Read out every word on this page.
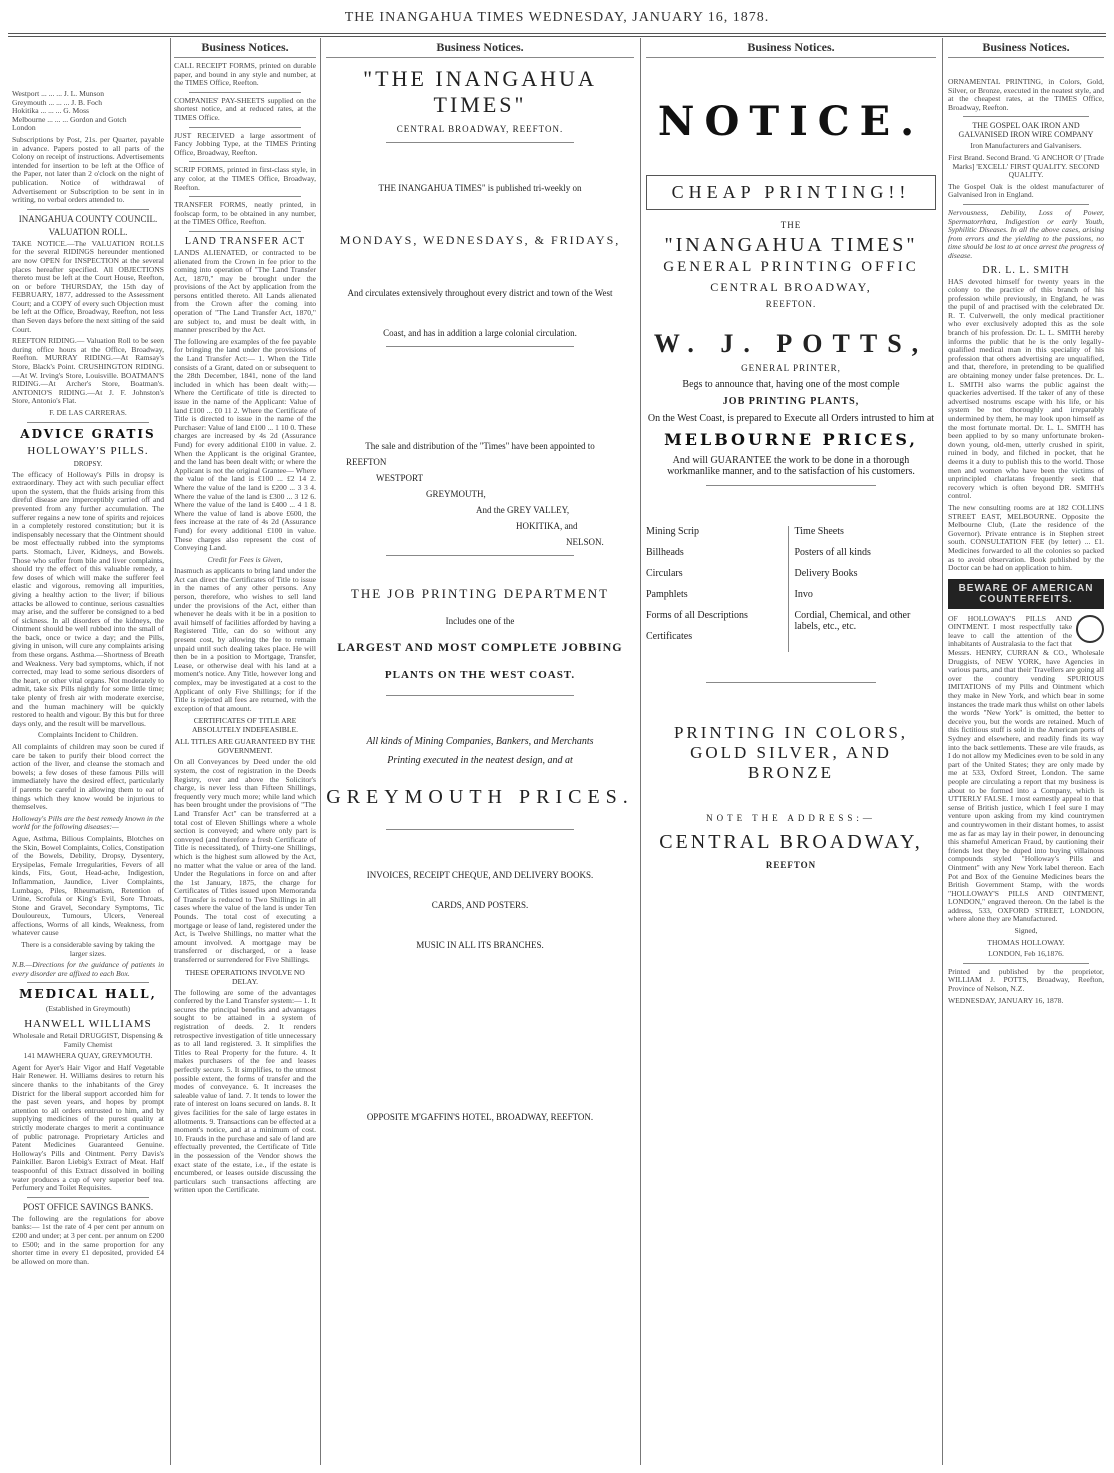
THE INANGAHUA TIMES WEDNESDAY, JANUARY 16, 1878.
Westport ... ... ... J. L. Munson
Greymouth ... ... ... J. B. Foch
Hokitika ... ... ... G. Moss
Melbourne ... ... ... Gordon and Gotch
London

Subscriptions by Post, 21s. per Quarter, payable in advance. Papers posted to all parts of the Colony on receipt of instructions. Advertisements intended for insertion to be left at the Office of the Paper, not later than 2 o'clock on the night of publication. Notice of withdrawal of Advertisement or Subscription to be sent in in writing, no verbal orders attended to.

INANGAHUA COUNTY COUNCIL.
VALUATION ROLL.

TAKE NOTICE.—The VALUATION ROLLS for the several RIDINGS hereunder mentioned are now OPEN for INSPECTION at the several places hereafter specified. All OBJECTIONS thereto must be left at the Court House, Reefton, on or before THURSDAY, the 15th day of FEBRUARY, 1877, addressed to the Assessment Court; and a COPY of every such Objection must be left at the Office, Broadway, Reefton, not less than Seven days before the next sitting of the said Court.

REEFTON RIDING.— Valuation Roll to be seen during office hours at the Office, Broadway, Reefton. MURRAY RIDING.—At Ramsay's Store, Black's Point. CRUSHINGTON RIDING.—At W. Irving's Store, Louisville. BOATMAN'S RIDING.—At Archer's Store, Boatman's. ANTONIO'S RIDING.—At J. F. Johnston's Store, Antonio's Flat.

F. DE LAS CARRERAS.

ADVICE GRATIS
HOLLOWAY'S PILLS.
DROPSY.

The efficacy of Holloway's Pills in dropsy is extraordinary. They act with such peculiar effect upon the system, that the fluids arising from this direful disease are imperceptibly carried off and prevented from any further accumulation. The sufferer regains a new tone of spirits and rejoices in a completely restored constitution; but it is indispensably necessary that the Ointment should be most effectually rubbed into the symptoms parts. Stomach, Liver, Kidneys, and Bowels. Those who suffer from bile and liver complaints, should try the effect of this valuable remedy, a few doses of which will make the sufferer feel elastic and vigorous, removing all impurities, giving a healthy action to the liver; if bilious attacks be allowed to continue, serious casualties may arise, and the sufferer be consigned to a bed of sickness. In all disorders of the kidneys, the Ointment should be well rubbed into the small of the back, once or twice a day; and the Pills, giving in unison, will cure any complaints arising from these organs. Asthma.—Shortness of Breath and Weakness. Very bad symptoms, which, if not corrected, may lead to some serious disorders of the heart, or other vital organs. Not moderately to admit, take six Pills nightly for some little time; take plenty of fresh air with moderate exercise, and the human machinery will be quickly restored to health and vigour. By this but for three days only, and the result will be marvellous.

Complaints Incident to Children.

All complaints of children may soon be cured if care be taken to purify their blood correct the action of the liver, and cleanse the stomach and bowels; a few doses of these famous Pills will immediately have the desired effect, particularly if parents be careful in allowing them to eat of things which they know would be injurious to themselves.

Holloway's Pills are the best remedy known in the world for the following diseases:—

Ague, Asthma, Bilious Complaints, Blotches on the Skin, Bowel Complaints, Colics, Constipation of the Bowels, Debility, Dropsy, Dysentery, Erysipelas, Female Irregularities, Fevers of all kinds, Fits, Gout, Head-ache, Indigestion, Inflammation, Jaundice, Liver Complaints, Lumbago, Piles, Rheumatism, Retention of Urine, Scrofula or King's Evil, Sore Throats, Stone and Gravel, Secondary Symptoms, Tic Douloureux, Tumours, Ulcers, Venereal affections, Worms of all kinds, Weakness, from whatever cause

There is a considerable saving by taking the larger sizes.

N.B.—Directions for the guidance of patients in every disorder are affixed to each Box.

MEDICAL HALL,

(Established in Greymouth)

HANWELL WILLIAMS

Wholesale and Retail DRUGGIST, Dispensing & Family Chemist

141 MAWHERA QUAY, GREYMOUTH.

Agent for Ayer's Hair Vigor and Half Vegetable Hair Renewer. H. Williams desires to return his sincere thanks to the inhabitants of the Grey District for the liberal support accorded him for the past seven years, and hopes by prompt attention to all orders entrusted to him, and by supplying medicines of the purest quality at strictly moderate charges to merit a continuance of public patronage. Proprietary Articles and Patent Medicines Guaranteed Genuine. Holloway's Pills and Ointment. Perry Davis's Painkiller. Baron Liebig's Extract of Meat. Half teaspoonful of this Extract dissolved in boiling water produces a cup of very superior beef tea. Perfumery and Toilet Requisites.

POST OFFICE SAVINGS BANKS.

The following are the regulations for above banks:— 1st the rate of 4 per cent per annum on £200 and under; at 3 per cent. per annum on £200 to £500; and in the same proportion for any shorter time in every £1 deposited, provided £4 be allowed on more than.

Business Notices.

CALL RECEIPT FORMS, printed on durable paper, and bound in any style and number, at the TIMES Office, Reefton.

COMPANIES' PAY-SHEETS supplied on the shortest notice, and at reduced rates, at the TIMES Office.

JUST RECEIVED a large assortment of Fancy Jobbing Type, at the TIMES Printing Office, Broadway, Reefton.

SCRIP FORMS, printed in first-class style, in any color, at the TIMES Office, Broadway, Reefton.

TRANSFER FORMS, neatly printed, in foolscap form, to be obtained in any number, at the TIMES Office, Reefton.

LAND TRANSFER ACT

LANDS ALIENATED, or contracted to be alienated from the Crown in fee prior to the coming into operation of "The Land Transfer Act, 1870," may be brought under the provisions of the Act by application from the persons entitled thereto. All Lands alienated from the Crown after the coming into operation of "The Land Transfer Act, 1870," are subject to, and must be dealt with, in manner prescribed by the Act.

The following are examples of the fee payable for bringing the land under the provisions of the Land Transfer Act:— 1. When the Title consists of a Grant, dated on or subsequent to the 28th December, 1841, none of the land included in which has been dealt with;— Where the Certificate of title is directed to issue in the name of the Applicant: Value of land £100 ... £0 11 2. Where the Certificate of Title is directed to issue in the name of the Purchaser: Value of land £100 ... 1 10 0. These charges are increased by 4s 2d (Assurance Fund) for every additional £100 in value. 2. When the Applicant is the original Grantee, and the land has been dealt with; or where the Applicant is not the original Grantee— Where the value of the land is £100 ... £2 14 2. Where the value of the land is £200 ... 3 3 4. Where the value of the land is £300 ... 3 12 6. Where the value of the land is £400 ... 4 1 8. Where the value of land is above £600, the fees increase at the rate of 4s 2d (Assurance Fund) for every additional £100 in value. These charges also represent the cost of Conveying Land.

Credit for Fees is Given,

Inasmuch as applicants to bring land under the Act can direct the Certificates of Title to issue in the names of any other persons. Any person, therefore, who wishes to sell land under the provisions of the Act, either than whenever he deals with it be in a position to avail himself of facilities afforded by having a Registered Title, can do so without any present cost, by allowing the fee to remain unpaid until such dealing takes place. He will then be in a position to Mortgage, Transfer, Lease, or otherwise deal with his land at a moment's notice. Any Title, however long and complex, may be investigated at a cost to the Applicant of only Five Shillings; for if the Title is rejected all fees are returned, with the exception of that amount.

CERTIFICATES OF TITLE ARE ABSOLUTELY INDEFEASIBLE.
ALL TITLES ARE GUARANTEED BY THE GOVERNMENT.

On all Conveyances by Deed under the old system, the cost of registration in the Deeds Registry, over and above the Solicitor's charge, is never less than Fifteen Shillings, frequently very much more; while land which has been brought under the provisions of "The Land Transfer Act" can be transferred at a total cost of Eleven Shillings where a whole section is conveyed; and where only part is conveyed (and therefore a fresh Certificate of Title is necessitated), of Thirty-one Shillings, which is the highest sum allowed by the Act, no matter what the value or area of the land. Under the Regulations in force on and after the 1st January, 1875, the charge for Certificates of Titles issued upon Memoranda of Transfer is reduced to Two Shillings in all cases where the value of the land is under Ten Pounds. The total cost of executing a mortgage or lease of land, registered under the Act, is Twelve Shillings, no matter what the amount involved. A mortgage may be transferred or discharged, or a lease transferred or surrendered for Five Shillings.

THESE OPERATIONS INVOLVE NO DELAY.

The following are some of the advantages conferred by the Land Transfer system:— 1. It secures the principal benefits and advantages sought to be attained in a system of registration of deeds. 2. It renders retrospective investigation of title unnecessary as to all land registered. 3. It simplifies the Titles to Real Property for the future. 4. It makes purchasers of the fee and leases perfectly secure. 5. It simplifies, to the utmost possible extent, the forms of transfer and the modes of conveyance. 6. It increases the saleable value of land. 7. It tends to lower the rate of interest on loans secured on lands. 8. It gives facilities for the sale of large estates in allotments. 9. Transactions can be effected at a moment's notice, and at a minimum of cost. 10. Frauds in the purchase and sale of land are effectually prevented, the Certificate of Title in the possession of the Vendor shows the exact state of the estate, i.e., if the estate is encumbered, or leases outside discussing the particulars such transactions affecting are written upon the Certificate.

Business Notices.
"THE INANGAHUA TIMES"
CENTRAL BROADWAY, REEFTON.
THE INANGAHUA TIMES" is published tri-weekly on
MONDAYS, WEDNESDAYS, & FRIDAYS,
And circulates extensively throughout every district and town of the West
Coast, and has in addition a large colonial circulation.
The sale and distribution of the "Times" have been appointed to
REEFTON
WESTPORT
GREYMOUTH,
And the GREY VALLEY,
HOKITIKA, and
NELSON.
THE JOB PRINTING DEPARTMENT
Includes one of the
LARGEST AND MOST COMPLETE JOBBING
PLANTS ON THE WEST COAST.
All kinds of Mining Companies, Bankers, and Merchants
Printing executed in the neatest design, and at
GREYMOUTH PRICES.
INVOICES, RECEIPT CHEQUE, AND DELIVERY BOOKS.
CARDS, AND POSTERS.
MUSIC IN ALL ITS BRANCHES.
OPPOSITE M'GAFFIN'S HOTEL, BROADWAY, REEFTON.
Business Notices.
NOTICE.
CHEAP PRINTING!!
THE
"INANGAHUA TIMES"
GENERAL PRINTING OFFIC
CENTRAL BROADWAY,
REEFTON.
W. J. POTTS,
GENERAL PRINTER,
Begs to announce that, having one of the most comple
JOB PRINTING PLANTS,
On the West Coast, is prepared to Execute all Orders intrusted to him at
MELBOURNE PRICES,
And will GUARANTEE the work to be done in a thorough workmanlike manner, and to the satisfaction of his customers.

Mining Scrip

Billheads

Circulars

Pamphlets

Forms of all Descriptions

Certificates

Time Sheets

Posters of all kinds

Delivery Books

Invo

Cordial, Chemical, and other labels, etc., etc.

PRINTING IN COLORS, GOLD SILVER, AND BRONZE
NOTE THE ADDRESS:—
CENTRAL BROADWAY,
REEFTON
Business Notices.

ORNAMENTAL PRINTING, in Colors, Gold, Silver, or Bronze, executed in the neatest style, and at the cheapest rates, at the TIMES Office, Broadway, Reefton.

THE GOSPEL OAK IRON AND GALVANISED IRON WIRE COMPANY

Iron Manufacturers and Galvanisers.

First Brand. Second Brand. 'G ANCHOR O' [Trade Marks] 'EXCELL' FIRST QUALITY. SECOND QUALITY.

The Gospel Oak is the oldest manufacturer of Galvanised Iron in England.

Nervousness, Debility, Loss of Power, Spermatorrhœa, Indigestion or early Youth, Syphilitic Diseases. In all the above cases, arising from errors and the yielding to the passions, no time should be lost to at once arrest the progress of disease.

DR. L. L. SMITH

HAS devoted himself for twenty years in the colony to the practice of this branch of his profession while previously, in England, he was the pupil of and practised with the celebrated Dr. R. T. Culverwell, the only medical practitioner who ever exclusively adopted this as the sole branch of his profession. Dr. L. L. SMITH hereby informs the public that he is the only legally-qualified medical man in this speciality of his profession that others advertising are unqualified, and that, therefore, in pretending to be qualified are obtaining money under false pretences. Dr. L. L. SMITH also warns the public against the quackeries advertised. If the taker of any of these advertised nostrums escape with his life, or his system be not thoroughly and irreparably undermined by them, he may look upon himself as the most fortunate mortal. Dr. L. L. SMITH has been applied to by so many unfortunate broken-down young, old-men, utterly crushed in spirit, ruined in body, and filched in pocket, that he deems it a duty to publish this to the world. Those men and women who have been the victims of unprincipled charlatans frequently seek that recovery which is often beyond DR. SMITH's control.

The new consulting rooms are at 182 COLLINS STREET EAST, MELBOURNE. Opposite the Melbourne Club, (Late the residence of the Governor). Private entrance is in Stephen street south. CONSULTATION FEE (by letter) ... £1. Medicines forwarded to all the colonies so packed as to avoid observation. Book published by the Doctor can be had on application to him.

BEWARE OF AMERICAN COUNTERFEITS.

OF HOLLOWAY'S PILLS AND OINTMENT. I most respectfully take leave to call the attention of the inhabitants of Australasia to the fact that Messrs. HENRY, CURRAN & CO., Wholesale Druggists, of NEW YORK, have Agencies in various parts, and that their Travellers are going all over the country vending SPURIOUS IMITATIONS of my Pills and Ointment which they make in New York, and which bear in some instances the trade mark thus whilst on other labels the words "New York" is omitted, the better to deceive you, but the words are retained. Much of this fictitious stuff is sold in the American ports of Sydney and elsewhere, and readily finds its way into the back settlements. These are vile frauds, as I do not allow my Medicines even to be sold in any part of the United States; they are only made by me at 533, Oxford Street, London. The same people are circulating a report that my business is about to be formed into a Company, which is UTTERLY FALSE. I most earnestly appeal to that sense of British justice, which I feel sure I may venture upon asking from my kind countrymen and countrywomen in their distant homes, to assist me as far as may lay in their power, in denouncing this shameful American Fraud, by cautioning their friends lest they be duped into buying villainous compounds styled "Holloway's Pills and Ointment" with any New York label thereon. Each Pot and Box of the Genuine Medicines bears the British Government Stamp, with the words "HOLLOWAY'S PILLS AND OINTMENT, LONDON," engraved thereon. On the label is the address, 533, OXFORD STREET, LONDON, where alone they are Manufactured.

Signed,

THOMAS HOLLOWAY.

LONDON, Feb 16,1876.

Printed and published by the proprietor, WILLIAM J. POTTS, Broadway, Reefton, Province of Nelson, N.Z.

WEDNESDAY, JANUARY 16, 1878.
